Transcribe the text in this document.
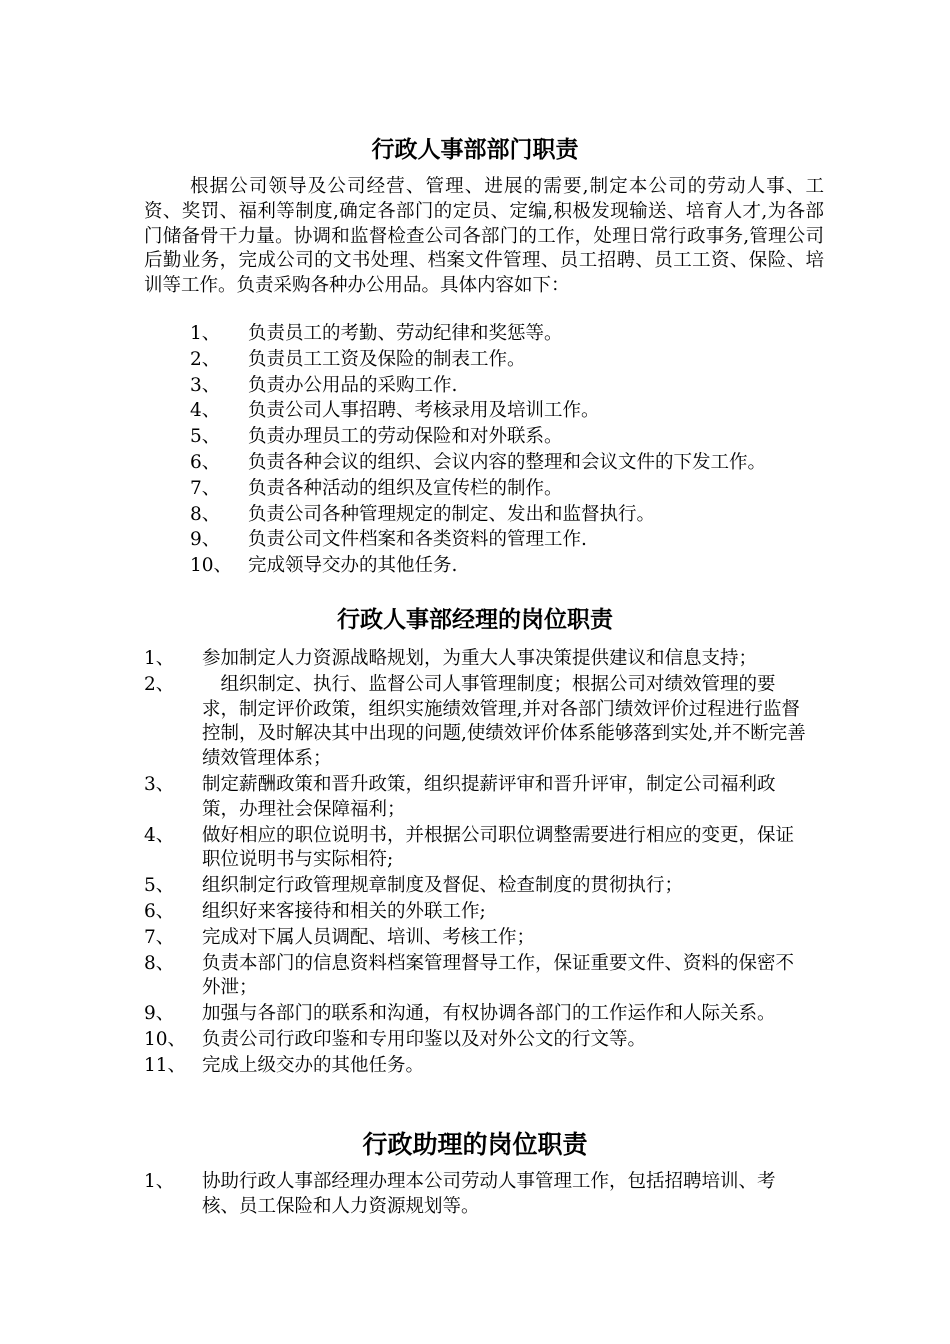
行政人事部部门职责

根据公司领导及公司经营、管理、进展的需要,制定本公司的劳动人事、工资、奖罚、福利等制度,确定各部门的定员、定编,积极发现输送、培育人才,为各部门储备骨干力量。协调和监督检查公司各部门的工作，处理日常行政事务,管理公司后勤业务，完成公司的文书处理、档案文件管理、员工招聘、员工工资、保险、培训等工作。负责采购各种办公用品。具体内容如下：

1、 负责员工的考勤、劳动纪律和奖惩等。
2、 负责员工工资及保险的制表工作。
3、 负责办公用品的采购工作.
4、 负责公司人事招聘、考核录用及培训工作。
5、 负责办理员工的劳动保险和对外联系。
6、 负责各种会议的组织、会议内容的整理和会议文件的下发工作。
7、 负责各种活动的组织及宣传栏的制作。
8、 负责公司各种管理规定的制定、发出和监督执行。
9、 负责公司文件档案和各类资料的管理工作.
10、 完成领导交办的其他任务.
行政人事部经理的岗位职责
1、 参加制定人力资源战略规划，为重大人事决策提供建议和信息支持；
2、 　组织制定、执行、监督公司人事管理制度；根据公司对绩效管理的要求，制定评价政策，组织实施绩效管理,并对各部门绩效评价过程进行监督控制，及时解决其中出现的问题,使绩效评价体系能够落到实处,并不断完善绩效管理体系；
3、 制定薪酬政策和晋升政策，组织提薪评审和晋升评审，制定公司福利政策，办理社会保障福利；
4、 做好相应的职位说明书，并根据公司职位调整需要进行相应的变更，保证职位说明书与实际相符;
5、 组织制定行政管理规章制度及督促、检查制度的贯彻执行；
6、 组织好来客接待和相关的外联工作;
7、 完成对下属人员调配、培训、考核工作；
8、 负责本部门的信息资料档案管理督导工作，保证重要文件、资料的保密不外泄；
9、 加强与各部门的联系和沟通，有权协调各部门的工作运作和人际关系。
10、 负责公司行政印鉴和专用印鉴以及对外公文的行文等。
11、 完成上级交办的其他任务。
行政助理的岗位职责
1、 协助行政人事部经理办理本公司劳动人事管理工作，包括招聘培训、考核、员工保险和人力资源规划等。
